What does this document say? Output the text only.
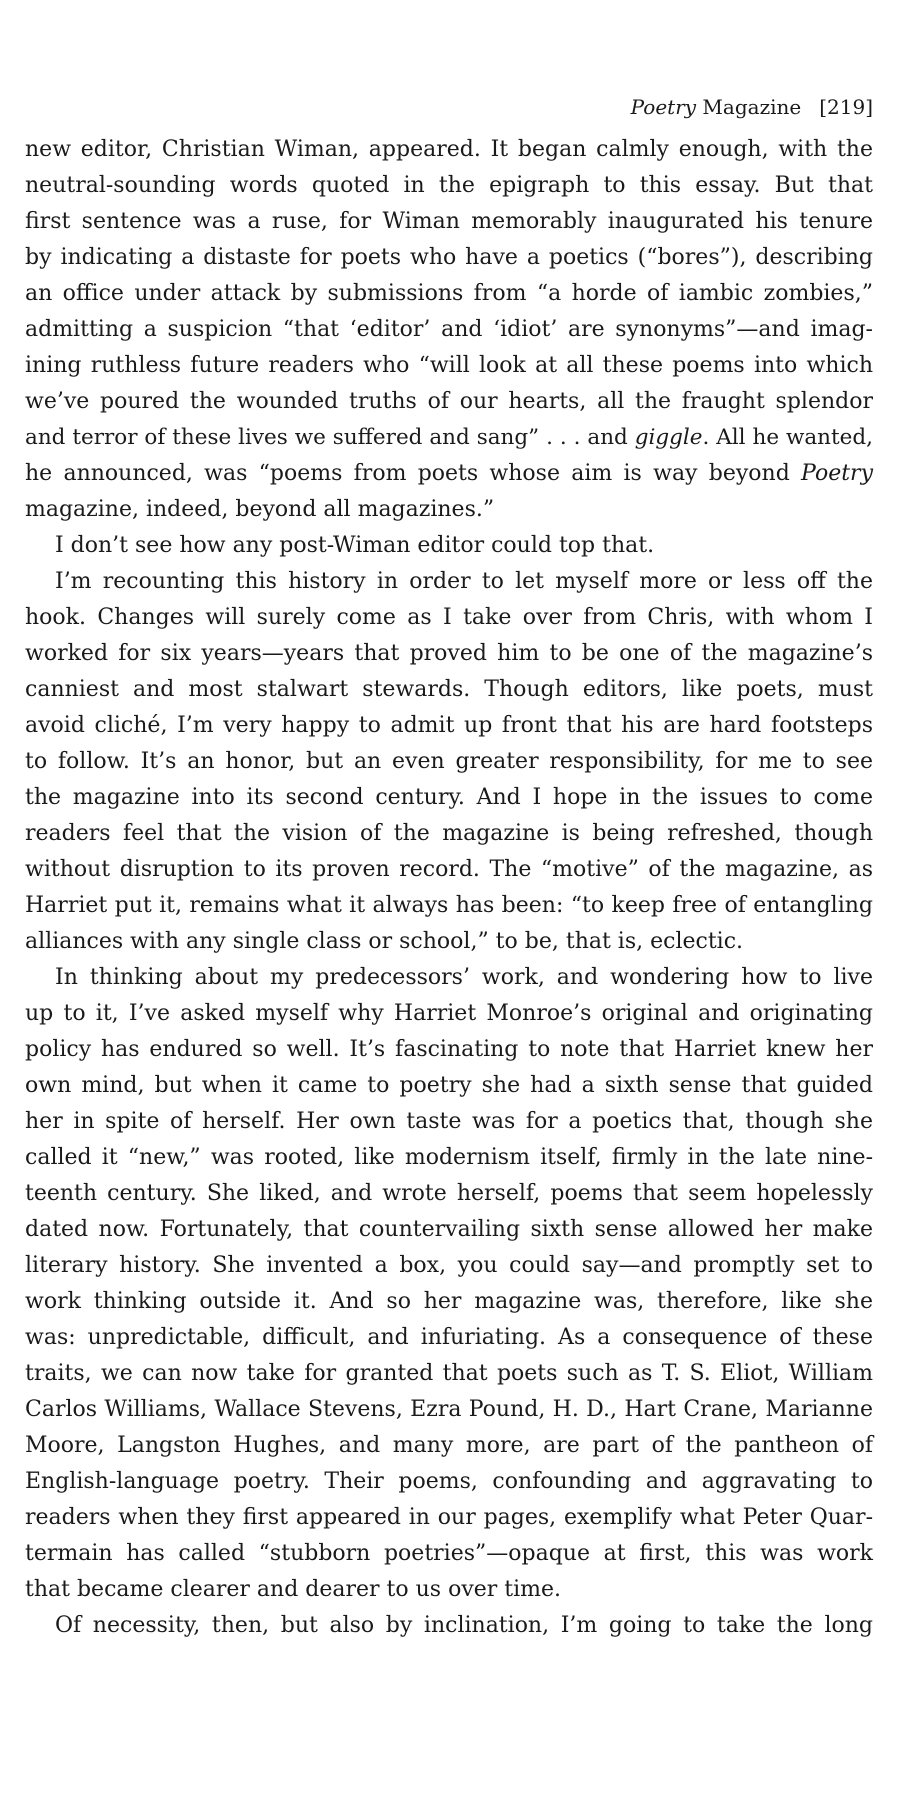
Poetry Magazine [219]
new editor, Christian Wiman, appeared. It began calmly enough, with the
neutral-sounding words quoted in the epigraph to this essay. But that
first sentence was a ruse, for Wiman memorably inaugurated his tenure
by indicating a distaste for poets who have a poetics (“bores”), describing
an office under attack by submissions from “a horde of iambic zombies,”
admitting a suspicion “that ‘editor’ and ‘idiot’ are synonyms”—and imag-
ining ruthless future readers who “will look at all these poems into which
we’ve poured the wounded truths of our hearts, all the fraught splendor
and terror of these lives we suffered and sang” . . . and giggle. All he wanted,
he announced, was “poems from poets whose aim is way beyond Poetry
magazine, indeed, beyond all magazines.”
I don’t see how any post-Wiman editor could top that.
I’m recounting this history in order to let myself more or less off the
hook. Changes will surely come as I take over from Chris, with whom I
worked for six years—years that proved him to be one of the magazine’s
canniest and most stalwart stewards. Though editors, like poets, must
avoid cliché, I’m very happy to admit up front that his are hard footsteps
to follow. It’s an honor, but an even greater responsibility, for me to see
the magazine into its second century. And I hope in the issues to come
readers feel that the vision of the magazine is being refreshed, though
without disruption to its proven record. The “motive” of the magazine, as
Harriet put it, remains what it always has been: “to keep free of entangling
alliances with any single class or school,” to be, that is, eclectic.
In thinking about my predecessors’ work, and wondering how to live
up to it, I’ve asked myself why Harriet Monroe’s original and originating
policy has endured so well. It’s fascinating to note that Harriet knew her
own mind, but when it came to poetry she had a sixth sense that guided
her in spite of herself. Her own taste was for a poetics that, though she
called it “new,” was rooted, like modernism itself, firmly in the late nine-
teenth century. She liked, and wrote herself, poems that seem hopelessly
dated now. Fortunately, that countervailing sixth sense allowed her make
literary history. She invented a box, you could say—and promptly set to
work thinking outside it. And so her magazine was, therefore, like she
was: unpredictable, difficult, and infuriating. As a consequence of these
traits, we can now take for granted that poets such as T. S. Eliot, William
Carlos Williams, Wallace Stevens, Ezra Pound, H. D., Hart Crane, Marianne
Moore, Langston Hughes, and many more, are part of the pantheon of
English-language poetry. Their poems, confounding and aggravating to
readers when they first appeared in our pages, exemplify what Peter Quar-
termain has called “stubborn poetries”—opaque at first, this was work
that became clearer and dearer to us over time.
Of necessity, then, but also by inclination, I’m going to take the long
